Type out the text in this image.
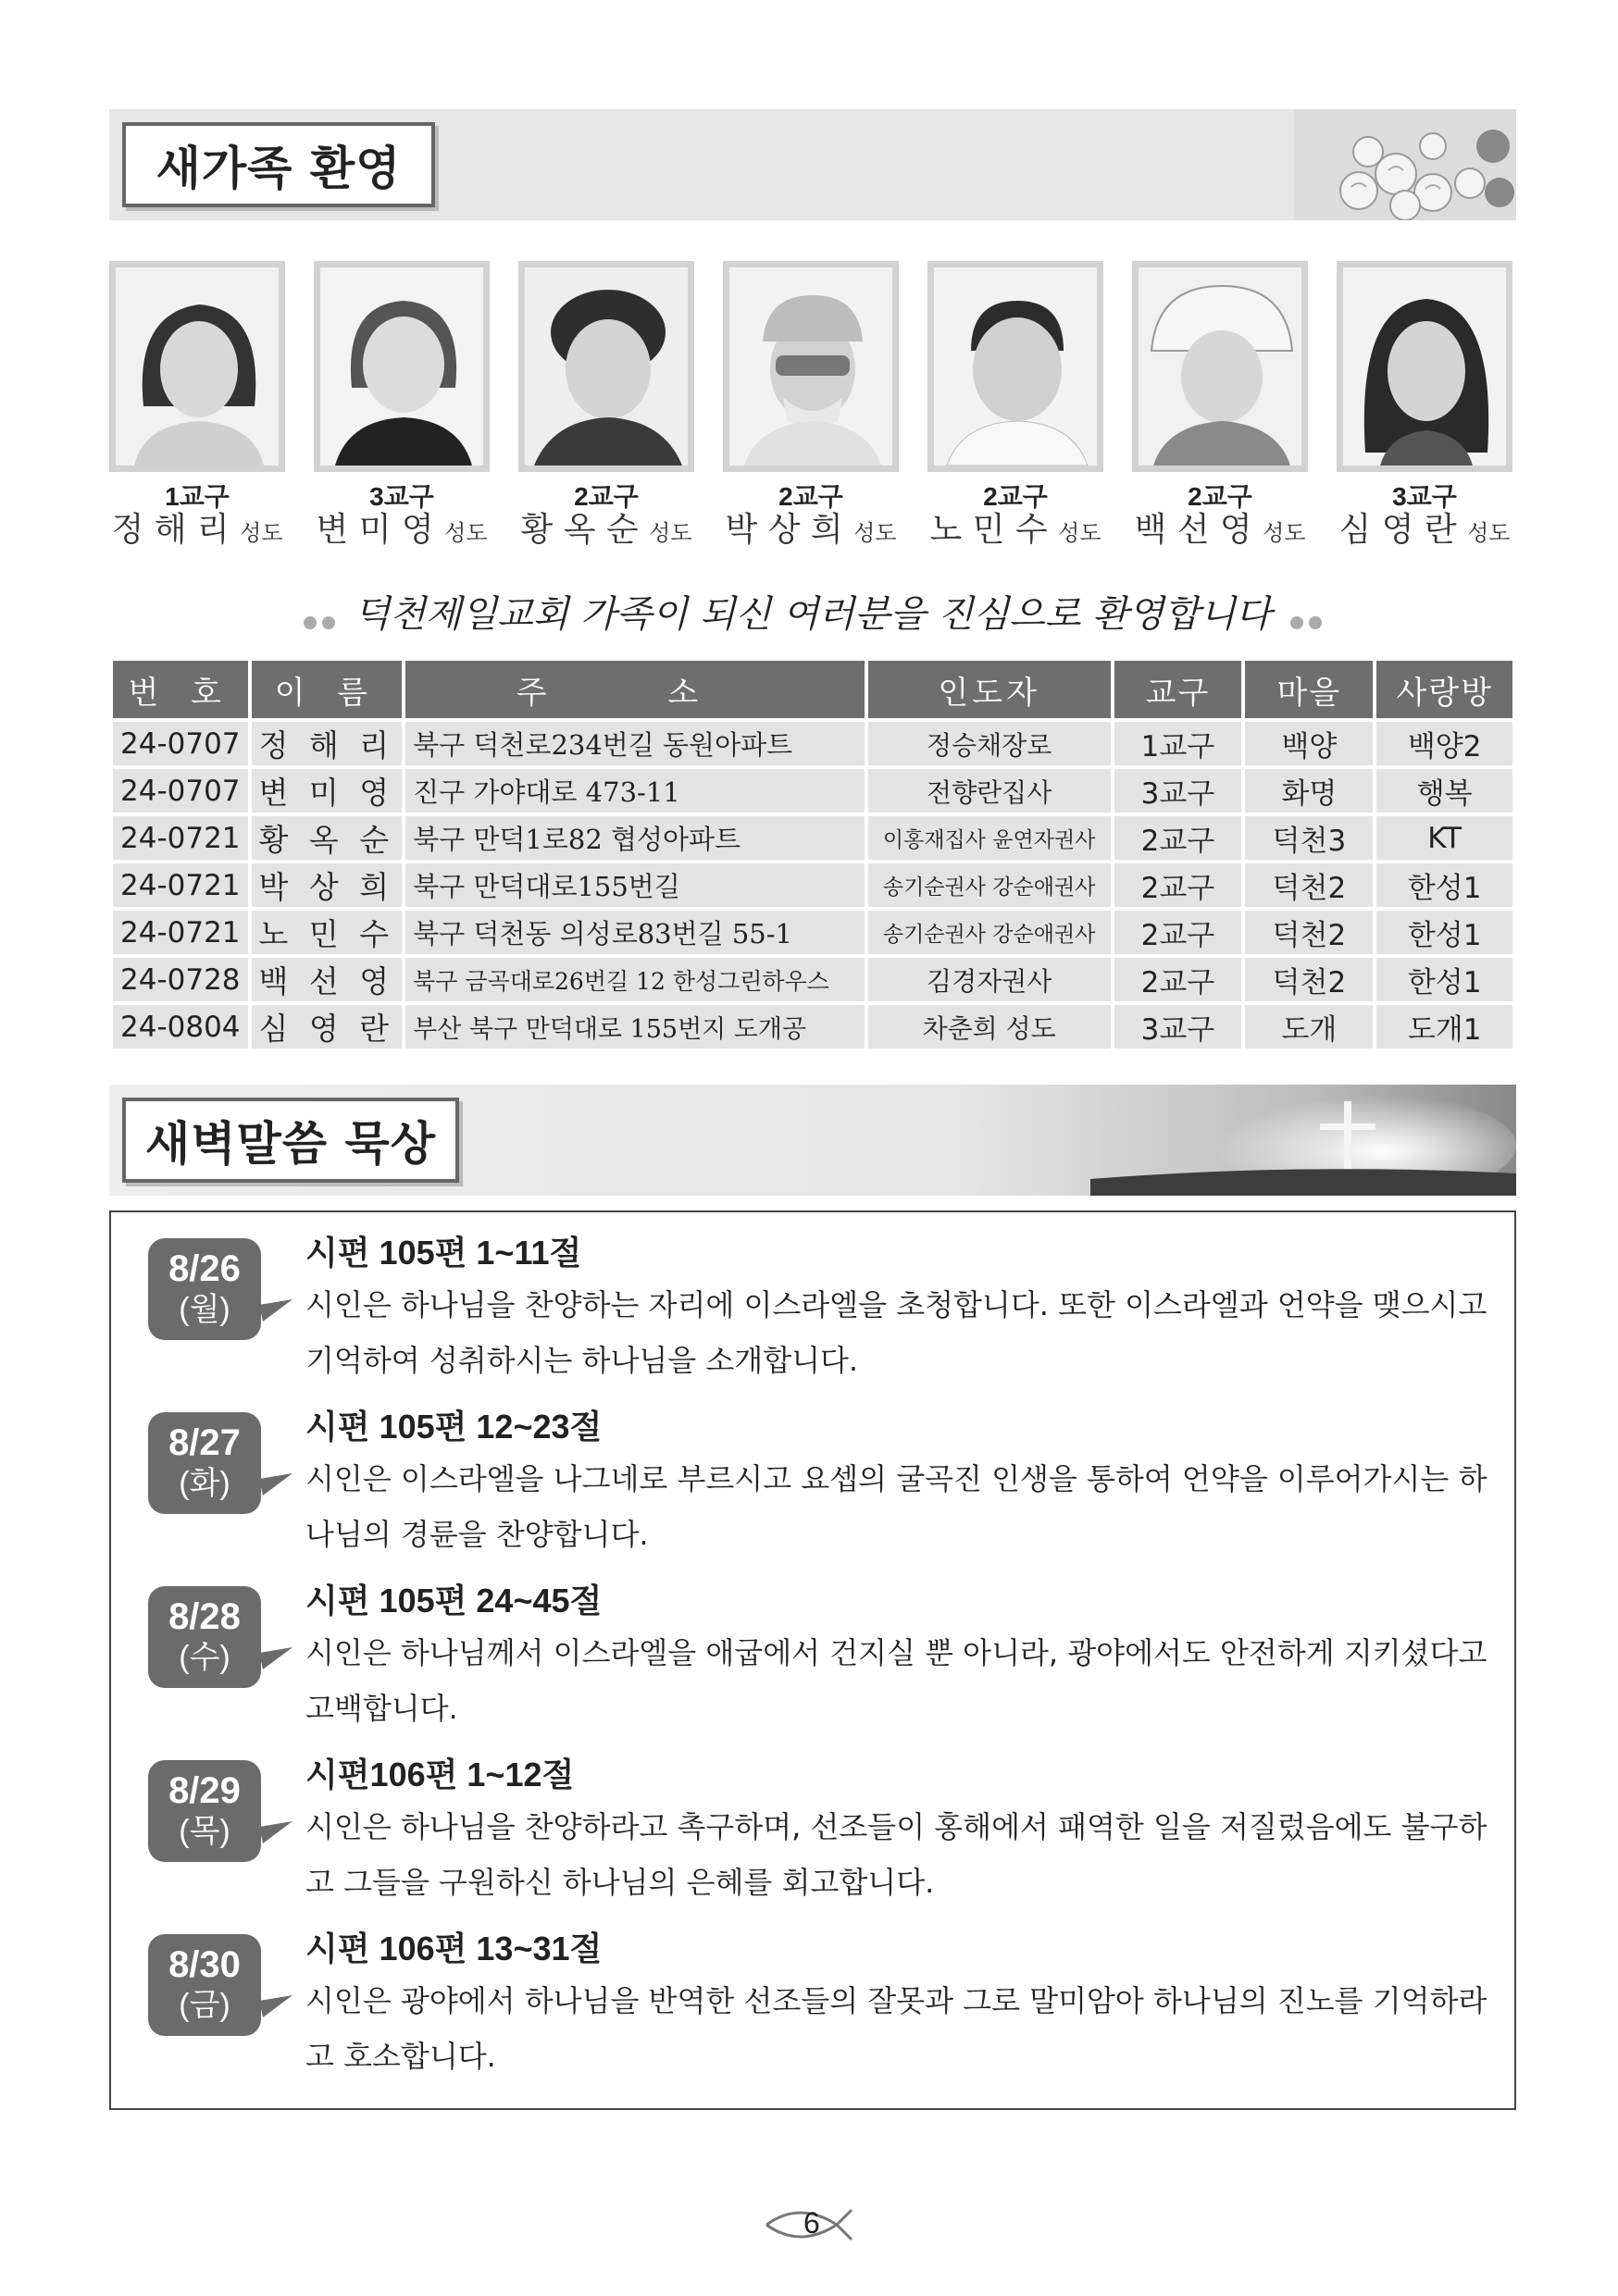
새가족 환영
1교구
정 해 리 성도
3교구
변 미 영 성도
2교구
황 옥 순 성도
2교구
박 상 희 성도
2교구
노 민 수 성도
2교구
백 선 영 성도
3교구
심 영 란 성도
덕천제일교회 가족이 되신 여러분을 진심으로 환영합니다
번 호	이 름	주 소	인도자	교구	마을	사랑방
24-0707	정 해 리	북구 덕천로234번길 동원아파트	정승채장로	1교구	백양	백양2
24-0707	변 미 영	진구 가야대로 473-11	전향란집사	3교구	화명	행복
24-0721	황 옥 순	북구 만덕1로82 협성아파트	이홍재집사 윤연자권사	2교구	덕천3	KT
24-0721	박 상 희	북구 만덕대로155번길	송기순권사 강순애권사	2교구	덕천2	한성1
24-0721	노 민 수	북구 덕천동 의성로83번길 55-1	송기순권사 강순애권사	2교구	덕천2	한성1
24-0728	백 선 영	북구 금곡대로26번길 12 한성그린하우스	김경자권사	2교구	덕천2	한성1
24-0804	심 영 란	부산 북구 만덕대로 155번지 도개공	차춘희 성도	3교구	도개	도개1
새벽말씀 묵상
8/26
(월)
시편 105편 1~11절
시인은 하나님을 찬양하는 자리에 이스라엘을 초청합니다. 또한 이스라엘과 언약을 맺으시고 기억하여 성취하시는 하나님을 소개합니다.
8/27
(화)
시편 105편 12~23절
시인은 이스라엘을 나그네로 부르시고 요셉의 굴곡진 인생을 통하여 언약을 이루어가시는 하나님의 경륜을 찬양합니다.
8/28
(수)
시편 105편 24~45절
시인은 하나님께서 이스라엘을 애굽에서 건지실 뿐 아니라, 광야에서도 안전하게 지키셨다고 고백합니다.
8/29
(목)
시편106편 1~12절
시인은 하나님을 찬양하라고 촉구하며, 선조들이 홍해에서 패역한 일을 저질렀음에도 불구하고 그들을 구원하신 하나님의 은혜를 회고합니다.
8/30
(금)
시편 106편 13~31절
시인은 광야에서 하나님을 반역한 선조들의 잘못과 그로 말미암아 하나님의 진노를 기억하라고 호소합니다.
6
